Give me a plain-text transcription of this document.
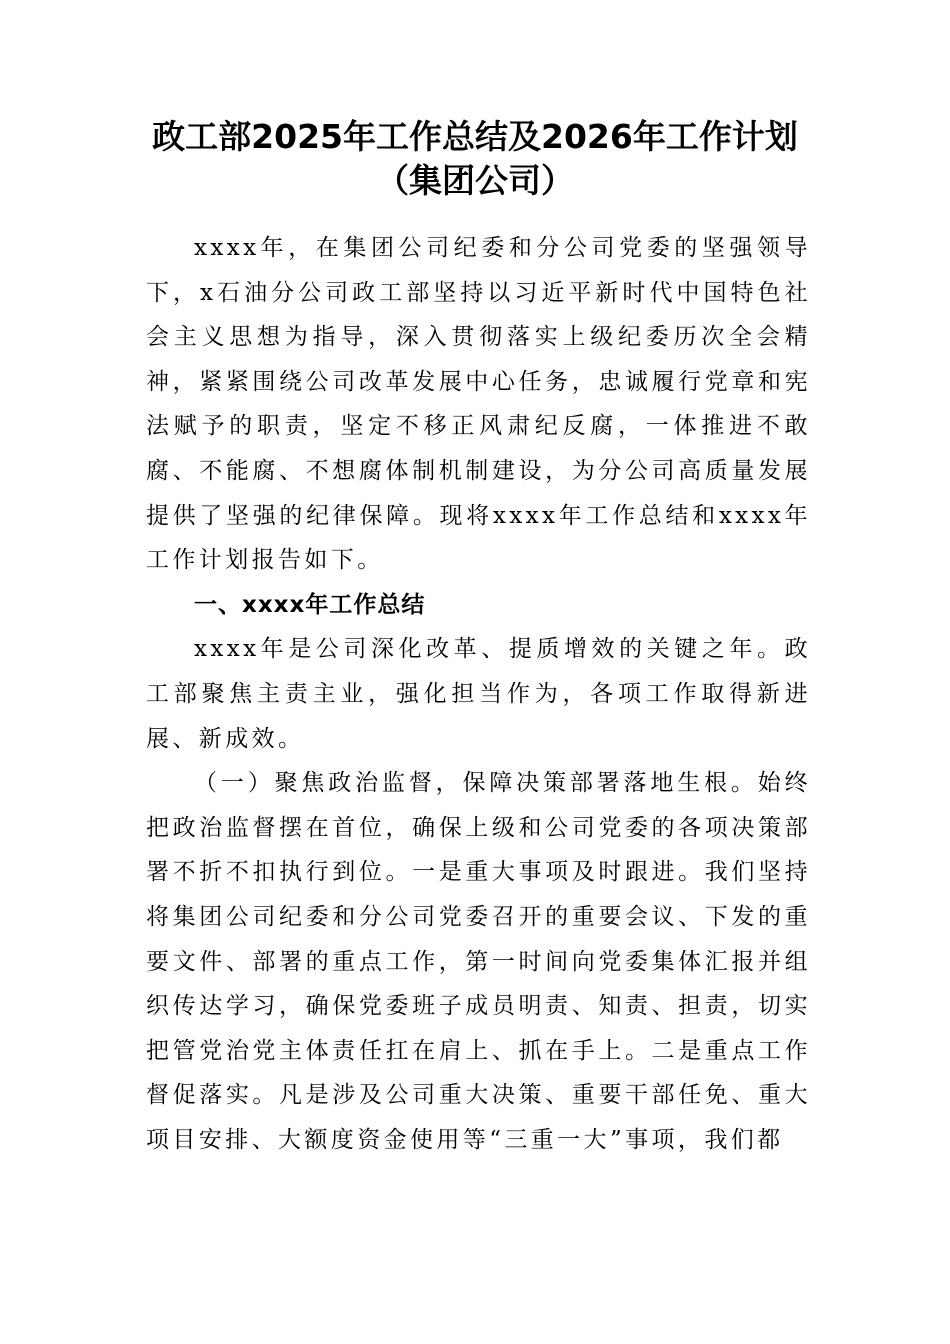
政工部2025年工作总结及2026年工作计划
（集团公司）

xxxx年，在集团公司纪委和分公司党委的坚强领导下，x石油分公司政工部坚持以习近平新时代中国特色社会主义思想为指导，深入贯彻落实上级纪委历次全会精神，紧紧围绕公司改革发展中心任务，忠诚履行党章和宪法赋予的职责，坚定不移正风肃纪反腐，一体推进不敢腐、不能腐、不想腐体制机制建设，为分公司高质量发展提供了坚强的纪律保障。现将xxxx年工作总结和xxxx年工作计划报告如下。

一、xxxx年工作总结

xxxx年是公司深化改革、提质增效的关键之年。政工部聚焦主责主业，强化担当作为，各项工作取得新进展、新成效。

（一）聚焦政治监督，保障决策部署落地生根。始终把政治监督摆在首位，确保上级和公司党委的各项决策部署不折不扣执行到位。一是重大事项及时跟进。我们坚持将集团公司纪委和分公司党委召开的重要会议、下发的重要文件、部署的重点工作，第一时间向党委集体汇报并组织传达学习，确保党委班子成员明责、知责、担责，切实把管党治党主体责任扛在肩上、抓在手上。二是重点工作督促落实。凡是涉及公司重大决策、重要干部任免、重大项目安排、大额度资金使用等“三重一大”事项，我们都
